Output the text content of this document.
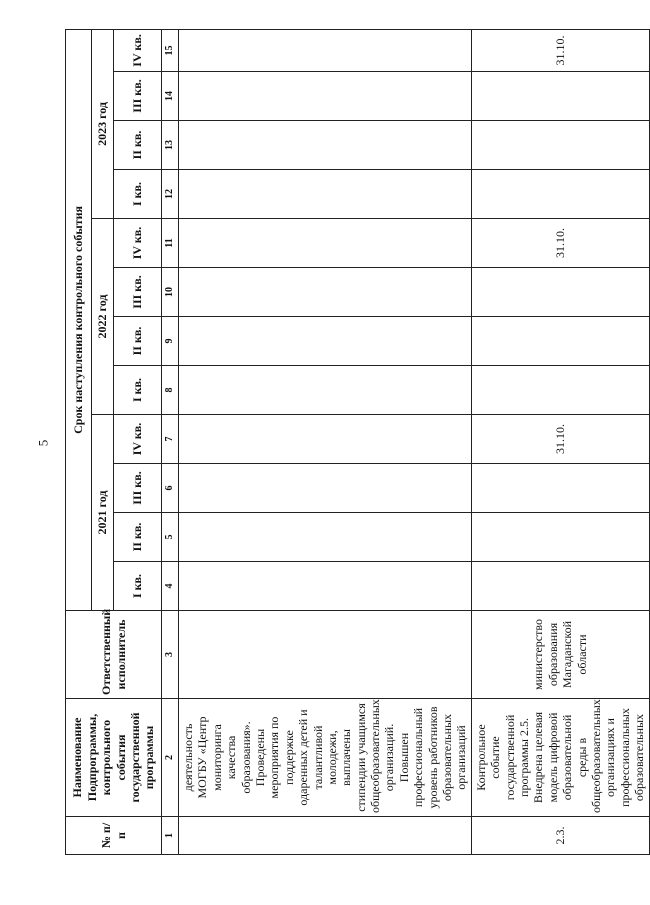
5
№ п/п	Наименование Подпрограммы, контрольного события государственной программы	Ответственный исполнитель	Срок наступления контрольного события											
			2021 год				2022 год				2023 год			
			I кв.	II кв.	III кв.	IV кв.	I кв.	II кв.	III кв.	IV кв.	I кв.	II кв.	III кв.	IV кв.
1	2	3	4	5	6	7	8	9	10	11	12	13	14	15
	деятельность МОГБУ «Центр мониторинга качества образования». Проведены мероприятия по поддержке одаренных детей и талантливой молодежи, выплачены стипендии учащимся общеобразовательных организаций. Повышен профессиональный уровень работников образовательных организаций													
2.3.	Контрольное событие государственной программы 2.5. Внедрена целевая модель цифровой образовательной среды в общеобразовательных организациях и профессиональных образовательных	министерство образования Магаданской области				31.10.				31.10.				31.10.
